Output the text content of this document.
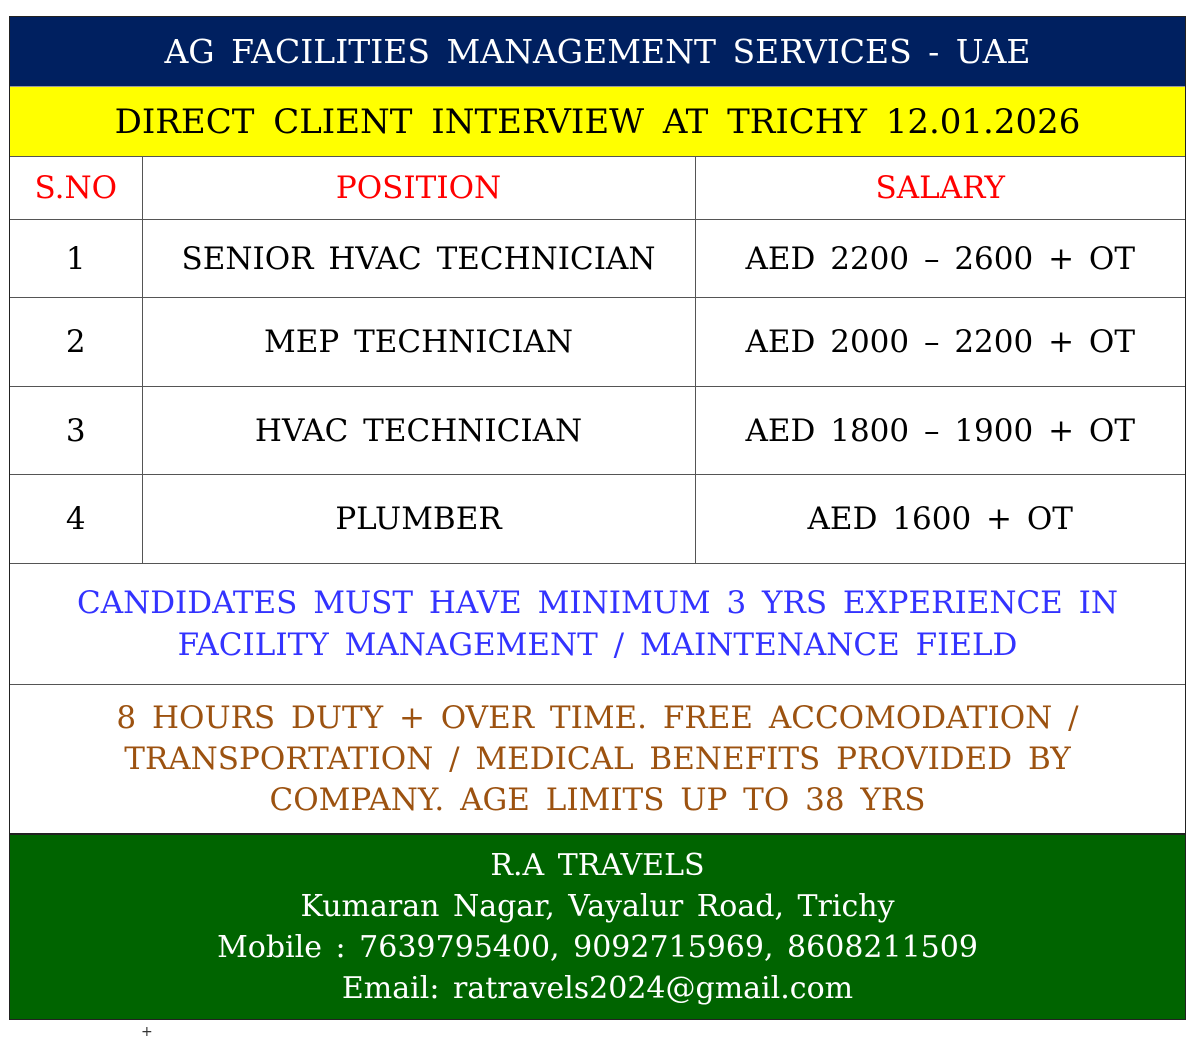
AG FACILITIES MANAGEMENT SERVICES - UAE
DIRECT CLIENT INTERVIEW AT TRICHY 12.01.2026
S.NO	POSITION	SALARY
1	SENIOR HVAC TECHNICIAN	AED 2200 – 2600 + OT
2	MEP TECHNICIAN	AED 2000 – 2200 + OT
3	HVAC TECHNICIAN	AED 1800 – 1900 + OT
4	PLUMBER	AED 1600 + OT
CANDIDATES MUST HAVE MINIMUM 3 YRS EXPERIENCE IN FACILITY MANAGEMENT / MAINTENANCE FIELD
8 HOURS DUTY + OVER TIME. FREE ACCOMODATION / TRANSPORTATION / MEDICAL BENEFITS PROVIDED BY COMPANY. AGE LIMITS UP TO 38 YRS
R.A TRAVELS
Kumaran Nagar, Vayalur Road, Trichy
Mobile : 7639795400, 9092715969, 8608211509
Email: ratravels2024@gmail.com
+
